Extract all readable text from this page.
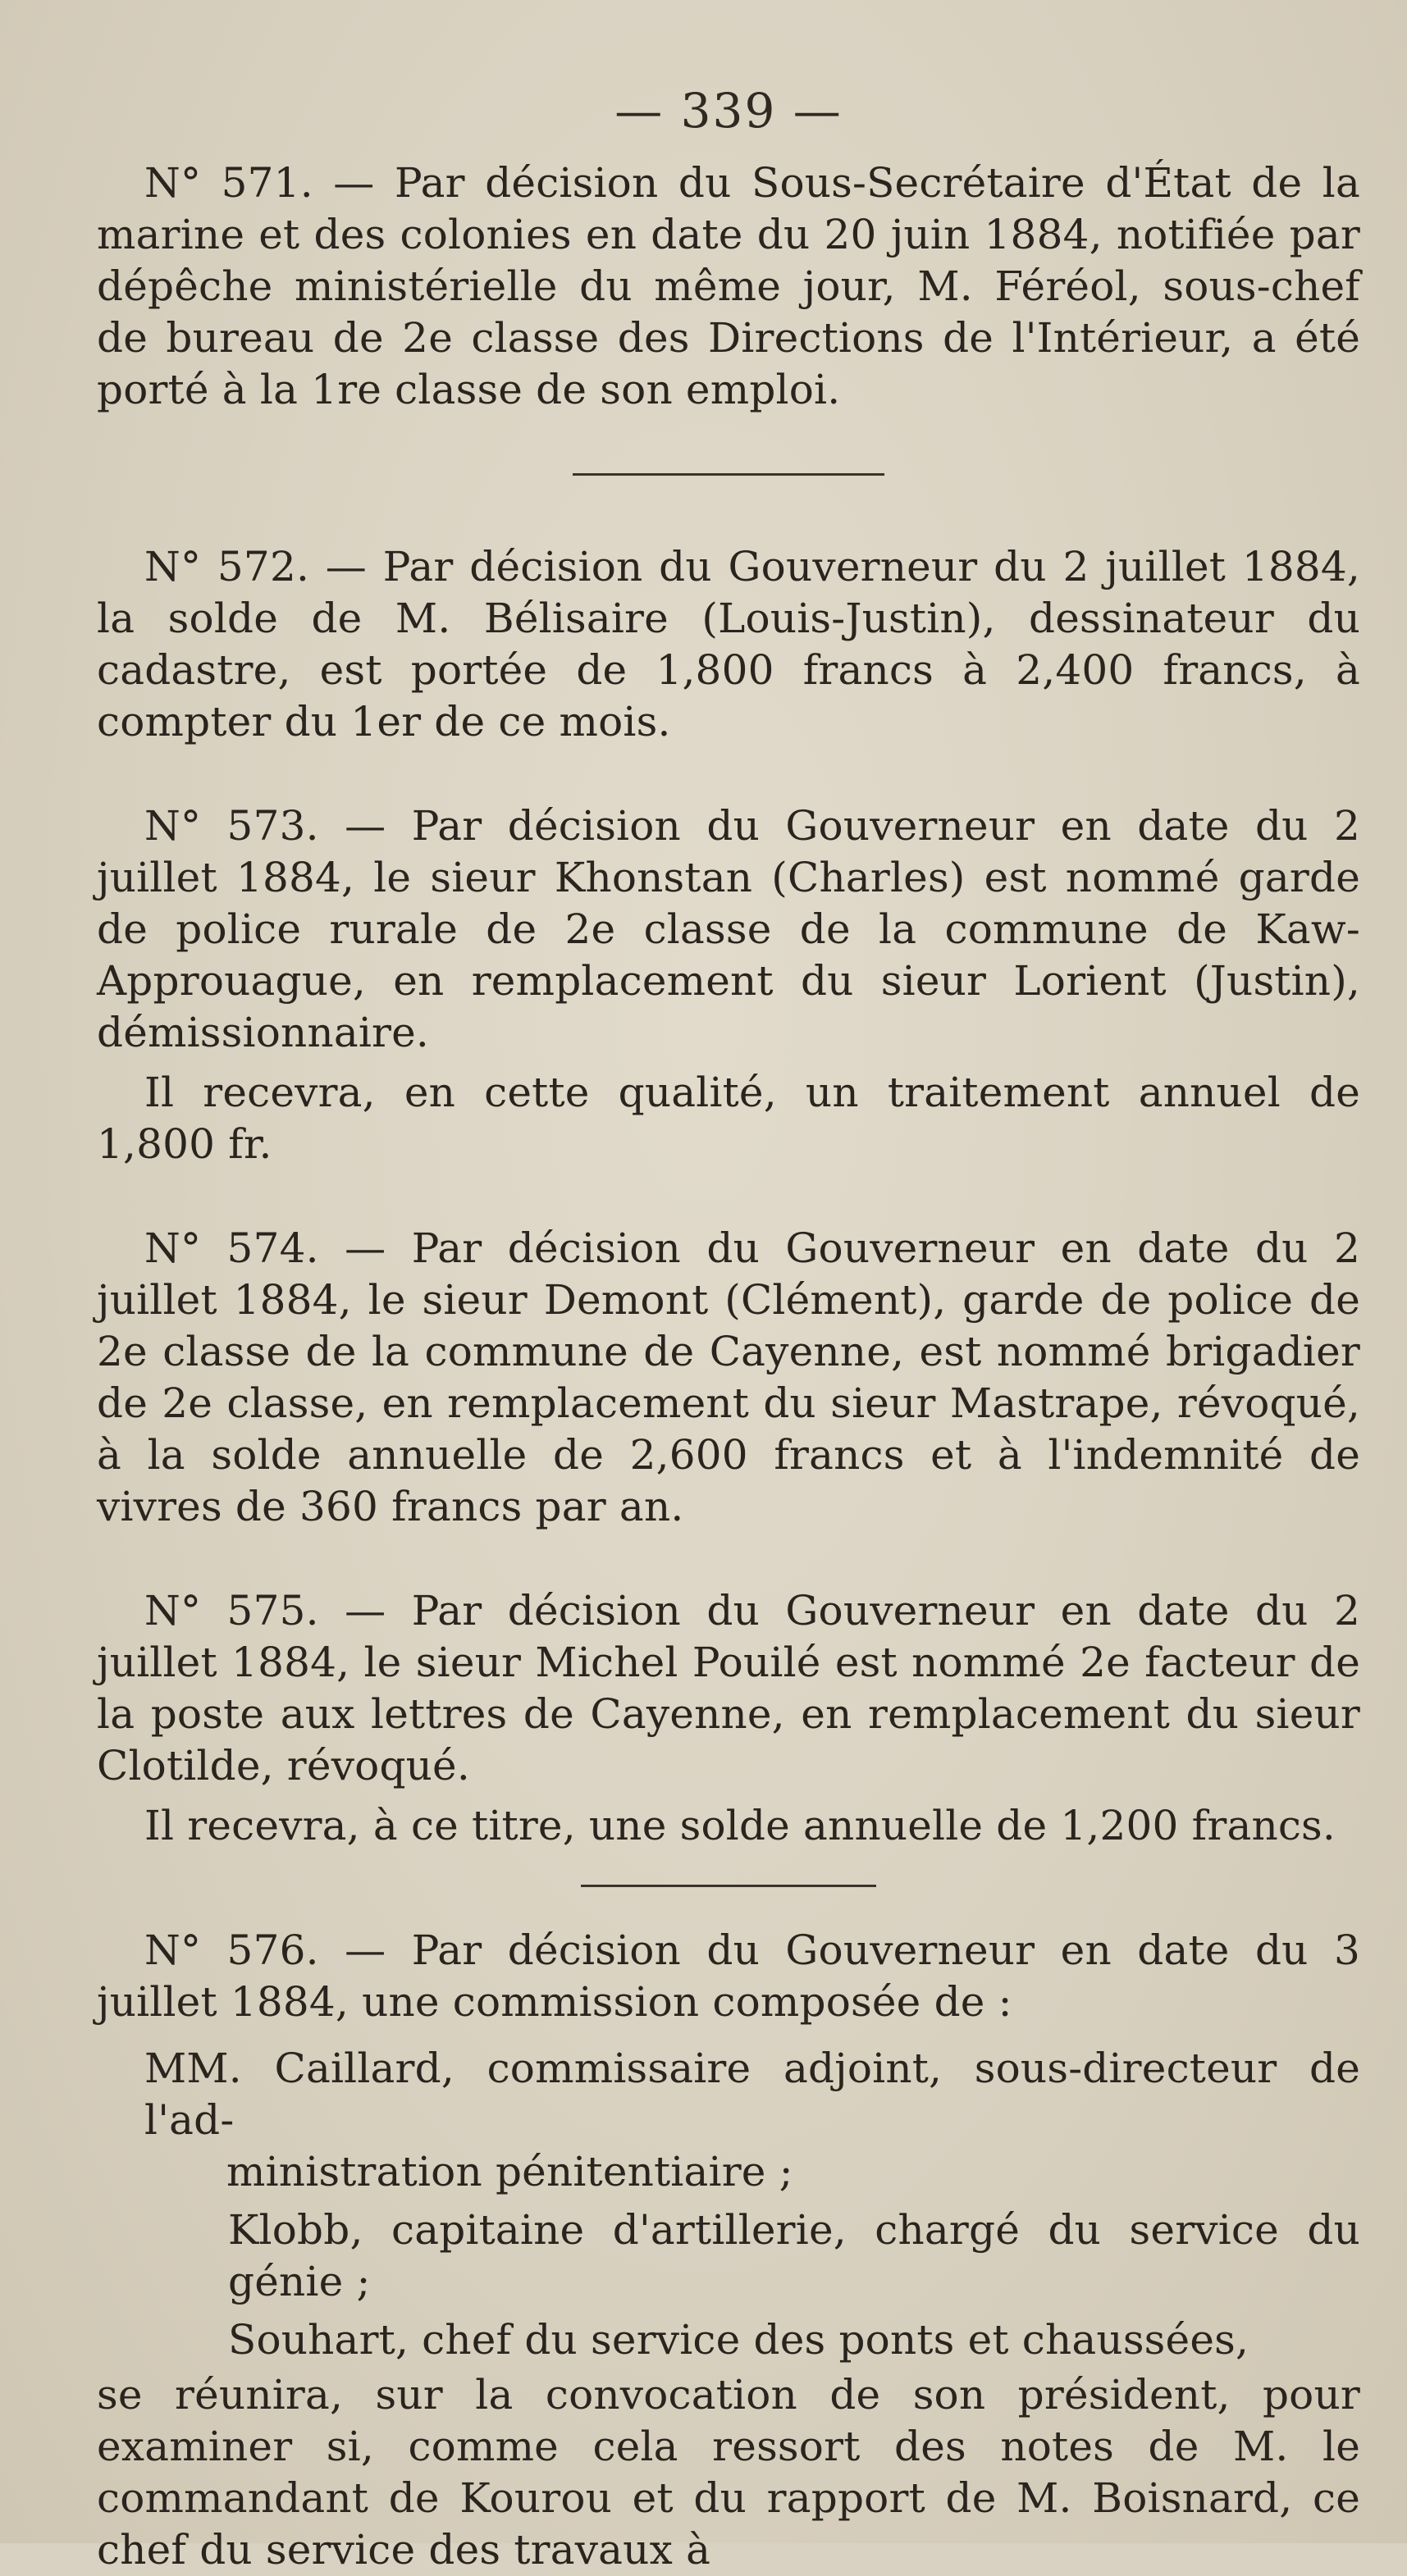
— 339 —

N° 571. — Par décision du Sous-Secrétaire d'État de la marine et des colonies en date du 20 juin 1884, notifiée par dépêche ministérielle du même jour, M. Féréol, sous-chef de bureau de 2e classe des Directions de l'Intérieur, a été porté à la 1re classe de son emploi.

N° 572. — Par décision du Gouverneur du 2 juillet 1884, la solde de M. Bélisaire (Louis-Justin), dessinateur du cadastre, est portée de 1,800 francs à 2,400 francs, à compter du 1er de ce mois.

N° 573. — Par décision du Gouverneur en date du 2 juillet 1884, le sieur Khonstan (Charles) est nommé garde de police rurale de 2e classe de la commune de Kaw-Approuague, en remplacement du sieur Lorient (Justin), démissionnaire.

Il recevra, en cette qualité, un traitement annuel de 1,800 fr.

N° 574. — Par décision du Gouverneur en date du 2 juillet 1884, le sieur Demont (Clément), garde de police de 2e classe de la commune de Cayenne, est nommé brigadier de 2e classe, en remplacement du sieur Mastrape, révoqué, à la solde annuelle de 2,600 francs et à l'indemnité de vivres de 360 francs par an.

N° 575. — Par décision du Gouverneur en date du 2 juillet 1884, le sieur Michel Pouilé est nommé 2e facteur de la poste aux lettres de Cayenne, en remplacement du sieur Clotilde, révoqué.

Il recevra, à ce titre, une solde annuelle de 1,200 francs.

N° 576. — Par décision du Gouverneur en date du 3 juillet 1884, une commission composée de :

MM. Caillard, commissaire adjoint, sous-directeur de l'ad-
ministration pénitentiaire ;

Klobb, capitaine d'artillerie, chargé du service du génie ;

Souhart, chef du service des ponts et chaussées,

se réunira, sur la convocation de son président, pour examiner si, comme cela ressort des notes de M. le commandant de Kourou et du rapport de M. Boisnard, ce chef du service des travaux à
